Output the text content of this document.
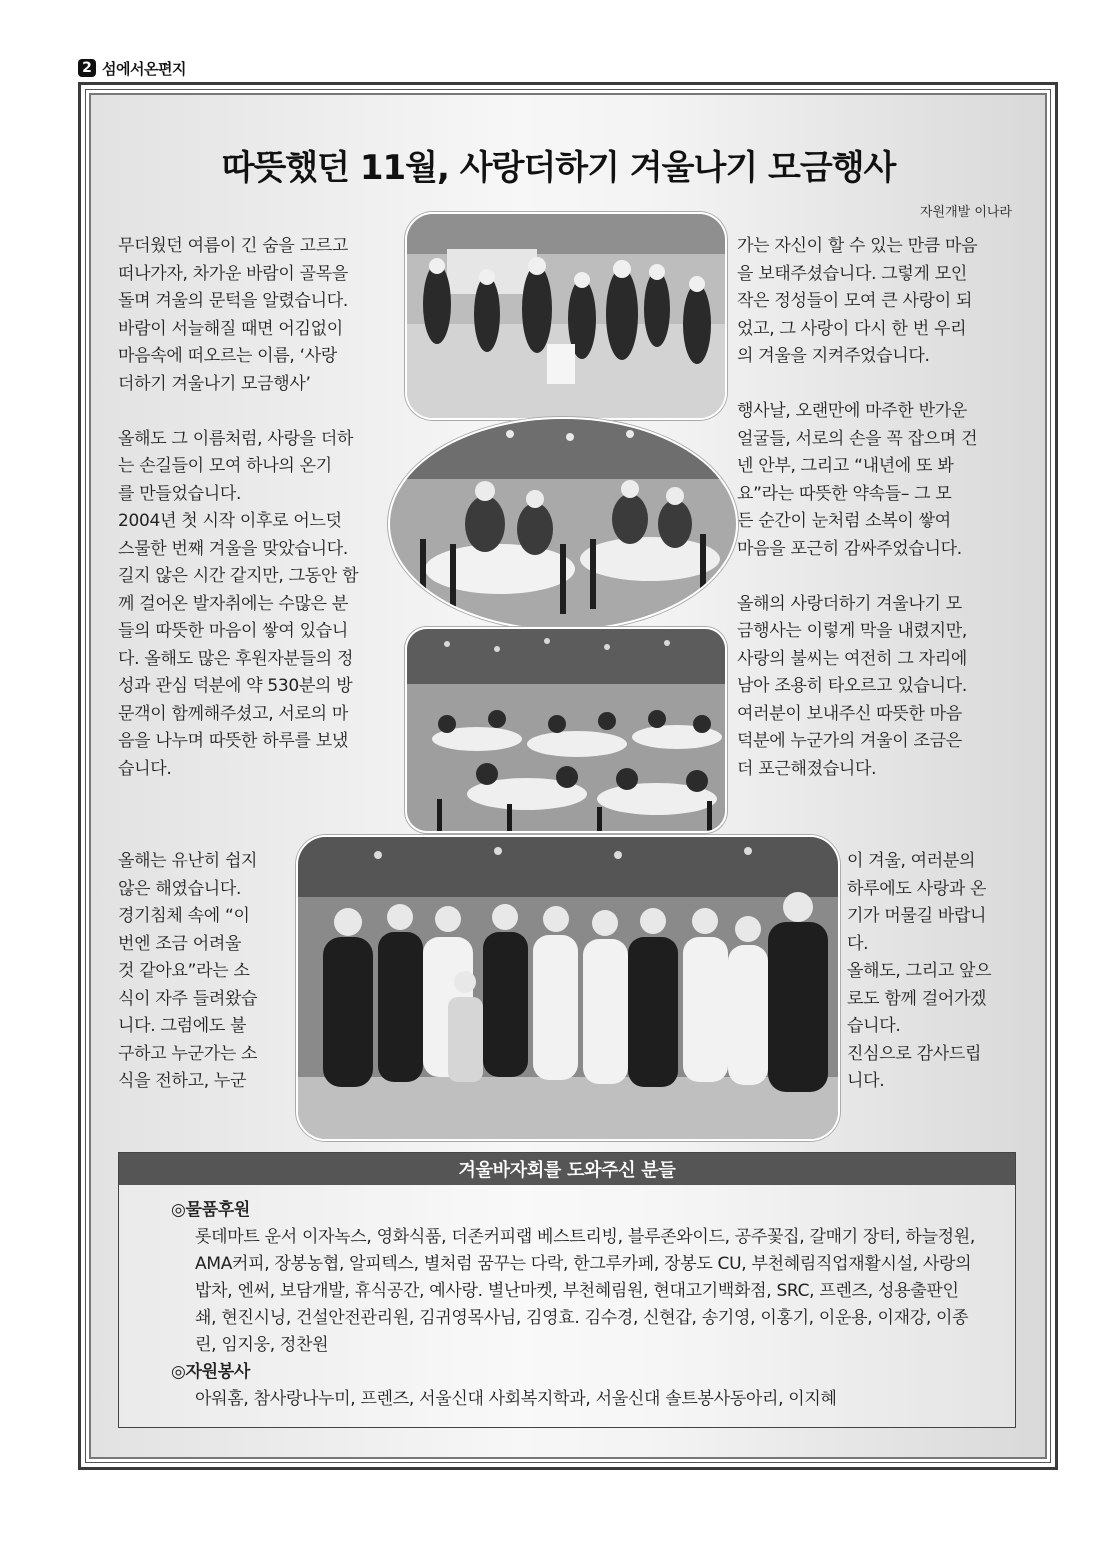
2 섬에서온편지
따뜻했던 11월, 사랑더하기 겨울나기 모금행사
자원개발 이나라

무더웠던 여름이 긴 숨을 고르고

떠나가자, 차가운 바람이 골목을

돌며 겨울의 문턱을 알렸습니다.

바람이 서늘해질 때면 어김없이

마음속에 떠오르는 이름, ‘사랑

더하기 겨울나기 모금행사’

올해도 그 이름처럼, 사랑을 더하

는 손길들이 모여 하나의 온기

를 만들었습니다.

2004년 첫 시작 이후로 어느덧

스물한 번째 겨울을 맞았습니다.

길지 않은 시간 같지만, 그동안 함

께 걸어온 발자취에는 수많은 분

들의 따뜻한 마음이 쌓여 있습니

다. 올해도 많은 후원자분들의 정

성과 관심 덕분에 약 530분의 방

문객이 함께해주셨고, 서로의 마

음을 나누며 따뜻한 하루를 보냈

습니다.

가는 자신이 할 수 있는 만큼 마음

을 보태주셨습니다. 그렇게 모인

작은 정성들이 모여 큰 사랑이 되

었고, 그 사랑이 다시 한 번 우리

의 겨울을 지켜주었습니다.

행사날, 오랜만에 마주한 반가운

얼굴들, 서로의 손을 꼭 잡으며 건

넨 안부, 그리고 “내년에 또 봐

요”라는 따뜻한 약속들– 그 모

든 순간이 눈처럼 소복이 쌓여

마음을 포근히 감싸주었습니다.

올해의 사랑더하기 겨울나기 모

금행사는 이렇게 막을 내렸지만,

사랑의 불씨는 여전히 그 자리에

남아 조용히 타오르고 있습니다.

여러분이 보내주신 따뜻한 마음

덕분에 누군가의 겨울이 조금은

더 포근해졌습니다.

올해는 유난히 쉽지

않은 해였습니다.

경기침체 속에 “이

번엔 조금 어려울

것 같아요”라는 소

식이 자주 들려왔습

니다. 그럼에도 불

구하고 누군가는 소

식을 전하고, 누군

이 겨울, 여러분의

하루에도 사랑과 온

기가 머물길 바랍니

다.

올해도, 그리고 앞으

로도 함께 걸어가겠

습니다.

진심으로 감사드립

니다.

겨울바자회를 도와주신 분들
◎물품후원
롯데마트 운서 이자녹스, 영화식품, 더존커피랩 베스트리빙, 블루존와이드, 공주꽃집, 갈매기 장터, 하늘정원, AMA커피, 장봉농협, 알피텍스, 별처럼 꿈꾸는 다락, 한그루카페, 장봉도 CU, 부천혜림직업재활시설, 사랑의밥차, 엔써, 보담개발, 휴식공간, 예사랑. 별난마켓, 부천혜림원, 현대고기백화점, SRC, 프렌즈, 성용출판인쇄, 현진시닝, 건설안전관리원, 김귀영목사님, 김영효. 김수경, 신현갑, 송기영, 이홍기, 이운용, 이재강, 이종린, 임지웅, 정찬원
◎자원봉사
아워홈, 참사랑나누미, 프렌즈, 서울신대 사회복지학과, 서울신대 솔트봉사동아리, 이지혜
